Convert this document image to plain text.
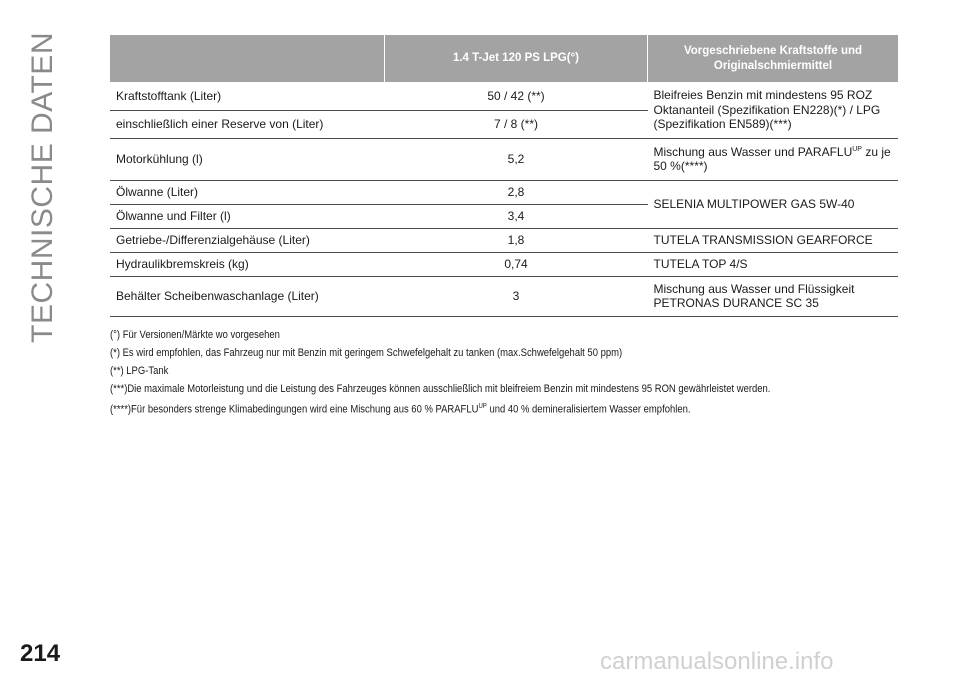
TECHNISCHE DATEN
		1.4 T-Jet 120 PS LPG(°)	Vorgeschriebene Kraftstoffe und Originalschmiermittel
Kraftstofftank (Liter)	50 / 42 (**)	Bleifreies Benzin mit mindestens 95 ROZ Oktananteil (Spezifikation EN228)(*) / LPG (Spezifikation EN589)(***)
einschließlich einer Reserve von (Liter)	7 / 8 (**)	
Motorkühlung (l)	5,2	Mischung aus Wasser und $PARAFLU^{UP}$ zu je 50 %(****)
Ölwanne (Liter)	2,8	SELENIA MULTIPOWER GAS 5W-40
Ölwanne und Filter (l)	3,4	
Getriebe-/Differenzialgehäuse (Liter)	1,8	TUTELA TRANSMISSION GEARFORCE
Hydraulikbremskreis (kg)	0,74	TUTELA TOP 4/S
Behälter Scheibenwaschanlage (Liter)	3	Mischung aus Wasser und Flüssigkeit
PETRONAS DURANCE SC 35
(°) Für Versionen/Märkte wo vorgesehen
(*) Es wird empfohlen, das Fahrzeug nur mit Benzin mit geringem Schwefelgehalt zu tanken (max.Schwefelgehalt 50 ppm)
(**) LPG-Tank
(***)Die maximale Motorleistung und die Leistung des Fahrzeuges können ausschließlich mit bleifreiem Benzin mit mindestens 95 RON gewährleistet werden.
(****)Für besonders strenge Klimabedingungen wird eine Mischung aus 60 % $PARAFLU^{UP}$ und 40 % demineralisiertem Wasser empfohlen.
214	carmanualsonline.info
